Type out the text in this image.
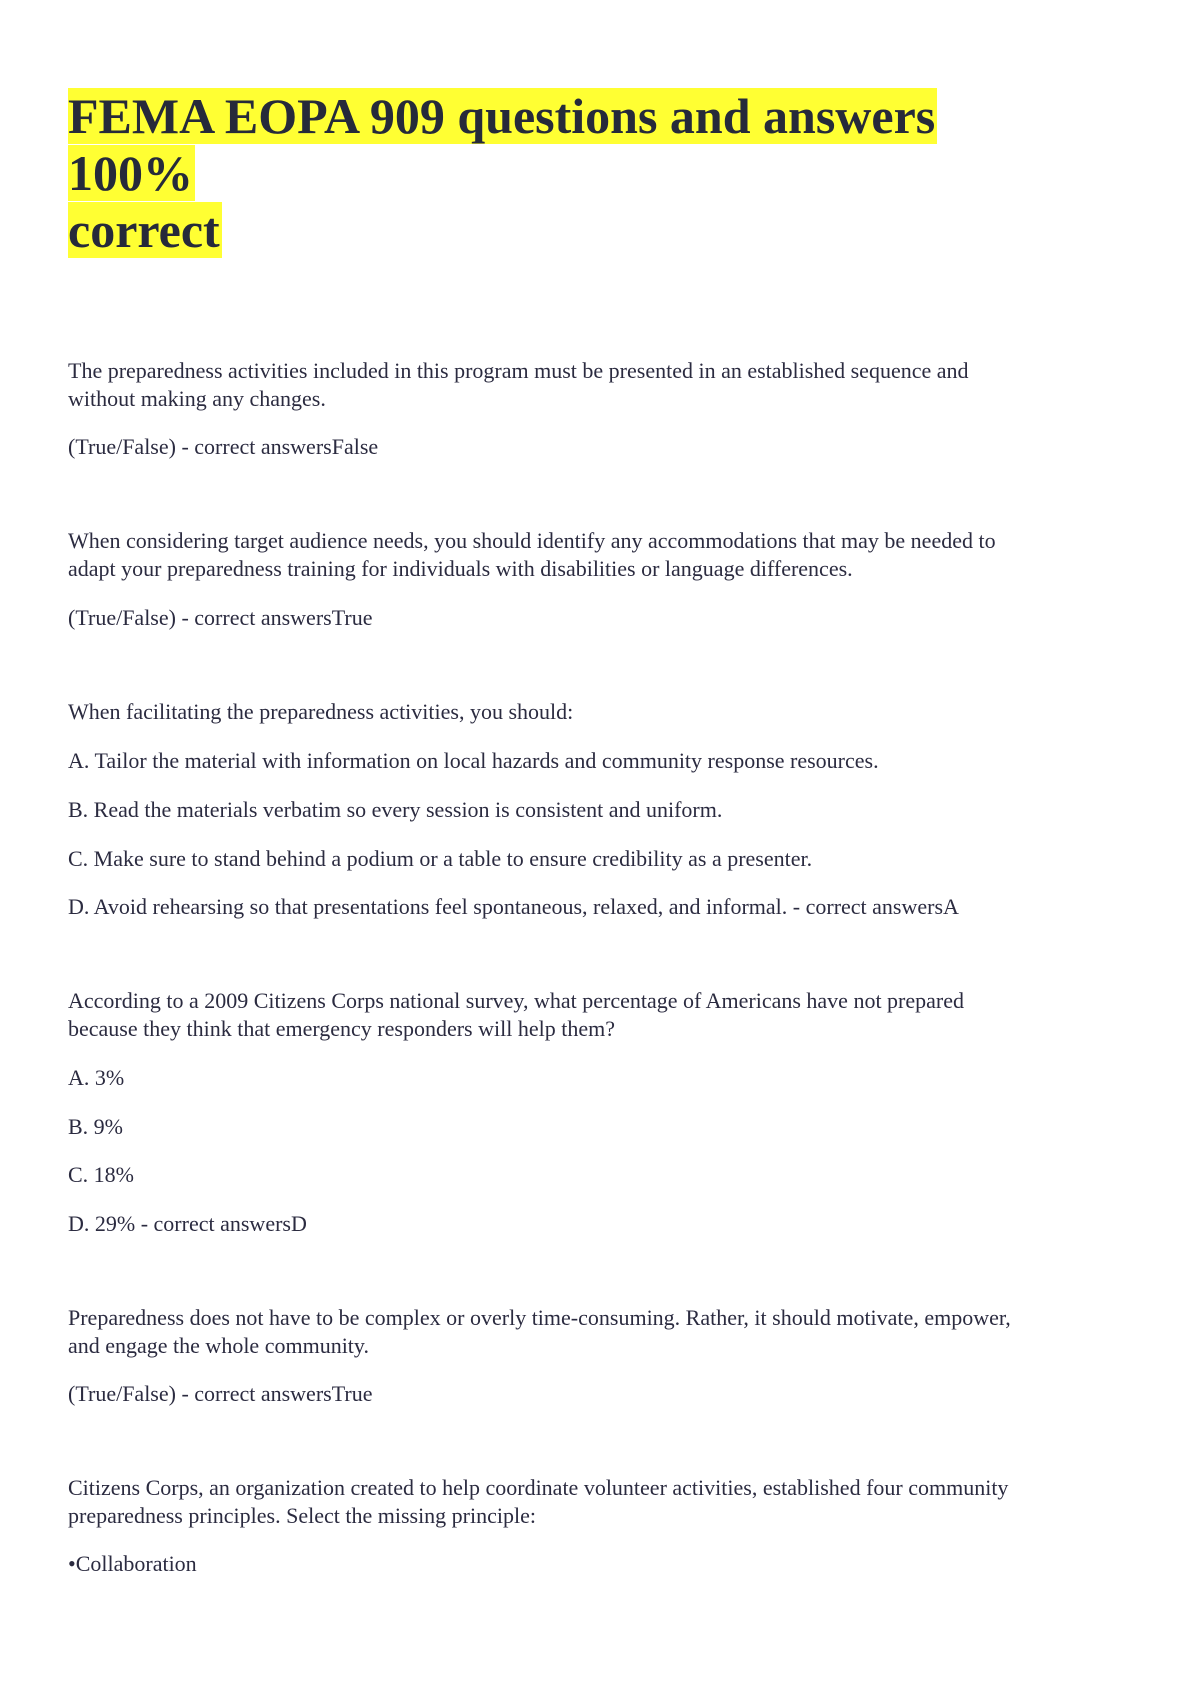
FEMA EOPA 909 questions and answers 100%
correct

The preparedness activities included in this program must be presented in an established sequence and

without making any changes.

(True/False) - correct answersFalse

When considering target audience needs, you should identify any accommodations that may be needed to

adapt your preparedness training for individuals with disabilities or language differences.

(True/False) - correct answersTrue

When facilitating the preparedness activities, you should:

A. Tailor the material with information on local hazards and community response resources.

B. Read the materials verbatim so every session is consistent and uniform.

C. Make sure to stand behind a podium or a table to ensure credibility as a presenter.

D. Avoid rehearsing so that presentations feel spontaneous, relaxed, and informal. - correct answersA

According to a 2009 Citizens Corps national survey, what percentage of Americans have not prepared

because they think that emergency responders will help them?

A. 3%

B. 9%

C. 18%

D. 29% - correct answersD

Preparedness does not have to be complex or overly time-consuming. Rather, it should motivate, empower,

and engage the whole community.

(True/False) - correct answersTrue

Citizens Corps, an organization created to help coordinate volunteer activities, established four community

preparedness principles. Select the missing principle:

•Collaboration
